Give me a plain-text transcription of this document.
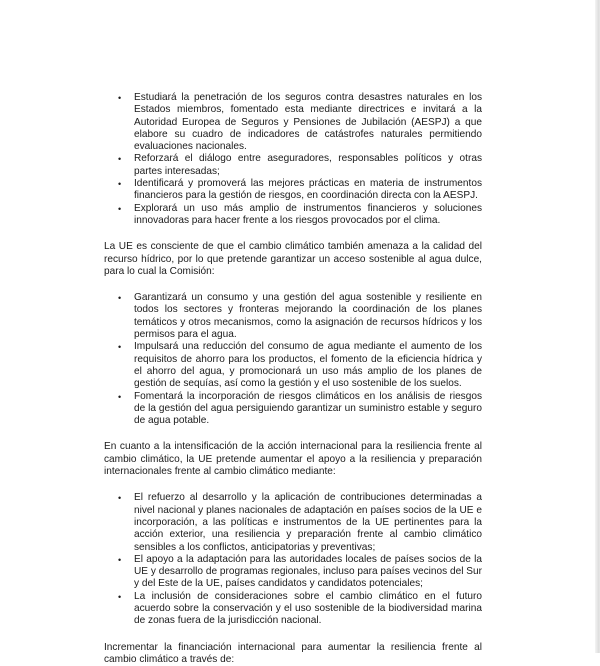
• Estudiará la penetración de los seguros contra desastres naturales en los Estados miembros, fomentado esta mediante directrices e invitará a la Autoridad Europea de Seguros y Pensiones de Jubilación (AESPJ) a que elabore su cuadro de indicadores de catástrofes naturales permitiendo evaluaciones nacionales.
• Reforzará el diálogo entre aseguradores, responsables políticos y otras partes interesadas;
• Identificará y promoverá las mejores prácticas en materia de instrumentos financieros para la gestión de riesgos, en coordinación directa con la AESPJ.
• Explorará un uso más amplio de instrumentos financieros y soluciones innovadoras para hacer frente a los riesgos provocados por el clima.

La UE es consciente de que el cambio climático también amenaza a la calidad del recurso hídrico, por lo que pretende garantizar un acceso sostenible al agua dulce, para lo cual la Comisión:

• Garantizará un consumo y una gestión del agua sostenible y resiliente en todos los sectores y fronteras mejorando la coordinación de los planes temáticos y otros mecanismos, como la asignación de recursos hídricos y los permisos para el agua.
• Impulsará una reducción del consumo de agua mediante el aumento de los requisitos de ahorro para los productos, el fomento de la eficiencia hídrica y el ahorro del agua, y promocionará un uso más amplio de los planes de gestión de sequías, así como la gestión y el uso sostenible de los suelos.
• Fomentará la incorporación de riesgos climáticos en los análisis de riesgos de la gestión del agua persiguiendo garantizar un suministro estable y seguro de agua potable.

En cuanto a la intensificación de la acción internacional para la resiliencia frente al cambio climático, la UE pretende aumentar el apoyo a la resiliencia y preparación internacionales frente al cambio climático mediante:

• El refuerzo al desarrollo y la aplicación de contribuciones determinadas a nivel nacional y planes nacionales de adaptación en países socios de la UE e incorporación, a las políticas e instrumentos de la UE pertinentes para la acción exterior, una resiliencia y preparación frente al cambio climático sensibles a los conflictos, anticipatorias y preventivas;
• El apoyo a la adaptación para las autoridades locales de países socios de la UE y desarrollo de programas regionales, incluso para países vecinos del Sur y del Este de la UE, países candidatos y candidatos potenciales;
• La inclusión de consideraciones sobre el cambio climático en el futuro acuerdo sobre la conservación y el uso sostenible de la biodiversidad marina de zonas fuera de la jurisdicción nacional.

Incrementar la financiación internacional para aumentar la resiliencia frente al cambio climático a través de:
